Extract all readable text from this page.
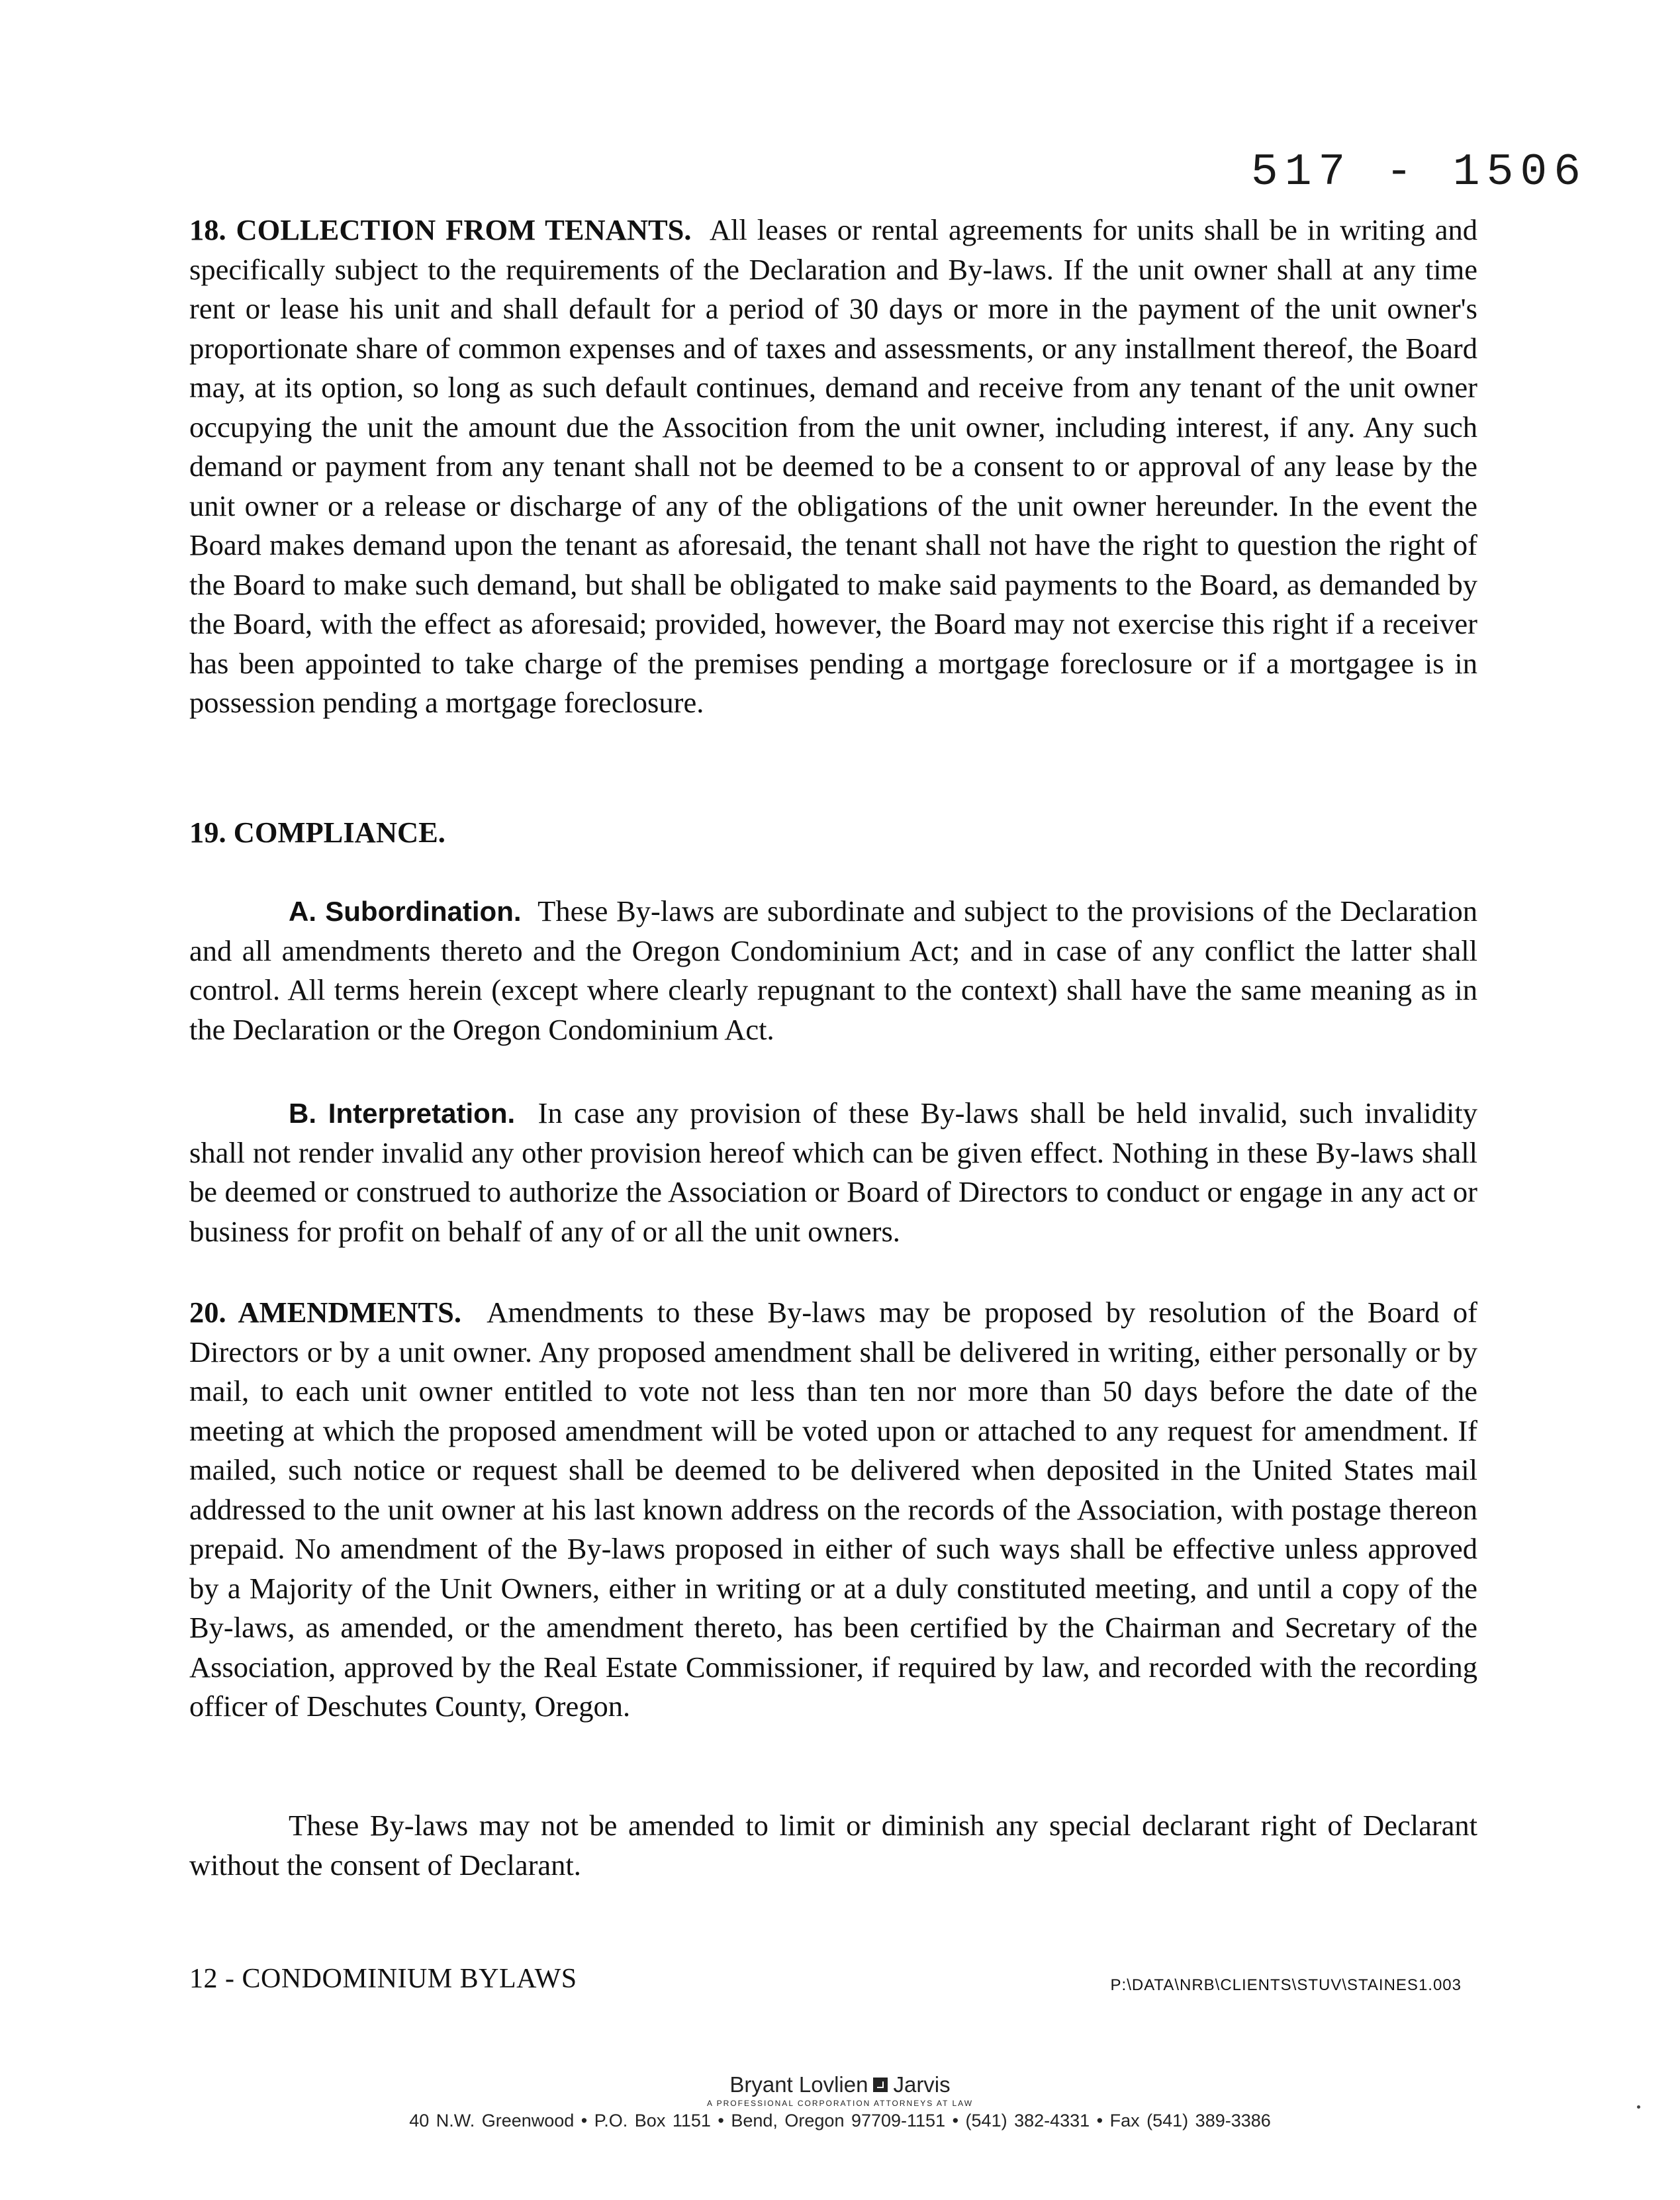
517 - 1506

18. COLLECTION FROM TENANTS. All leases or rental agreements for units shall be in writing and specifically subject to the requirements of the Declaration and By-laws. If the unit owner shall at any time rent or lease his unit and shall default for a period of 30 days or more in the payment of the unit owner's proportionate share of common expenses and of taxes and assessments, or any installment thereof, the Board may, at its option, so long as such default continues, demand and receive from any tenant of the unit owner occupying the unit the amount due the Assocition from the unit owner, including interest, if any. Any such demand or payment from any tenant shall not be deemed to be a consent to or approval of any lease by the unit owner or a release or discharge of any of the obligations of the unit owner hereunder. In the event the Board makes demand upon the tenant as aforesaid, the tenant shall not have the right to question the right of the Board to make such demand, but shall be obligated to make said payments to the Board, as demanded by the Board, with the effect as aforesaid; provided, however, the Board may not exercise this right if a receiver has been appointed to take charge of the premises pending a mortgage foreclosure or if a mortgagee is in possession pending a mortgage foreclosure.

19. COMPLIANCE.

A. Subordination. These By-laws are subordinate and subject to the provisions of the Declaration and all amendments thereto and the Oregon Condominium Act; and in case of any conflict the latter shall control. All terms herein (except where clearly repugnant to the context) shall have the same meaning as in the Declaration or the Oregon Condominium Act.

B. Interpretation. In case any provision of these By-laws shall be held invalid, such invalidity shall not render invalid any other provision hereof which can be given effect. Nothing in these By-laws shall be deemed or construed to authorize the Association or Board of Directors to conduct or engage in any act or business for profit on behalf of any of or all the unit owners.

20. AMENDMENTS. Amendments to these By-laws may be proposed by resolution of the Board of Directors or by a unit owner. Any proposed amendment shall be delivered in writing, either personally or by mail, to each unit owner entitled to vote not less than ten nor more than 50 days before the date of the meeting at which the proposed amendment will be voted upon or attached to any request for amendment. If mailed, such notice or request shall be deemed to be delivered when deposited in the United States mail addressed to the unit owner at his last known address on the records of the Association, with postage thereon prepaid. No amendment of the By-laws proposed in either of such ways shall be effective unless approved by a Majority of the Unit Owners, either in writing or at a duly constituted meeting, and until a copy of the By-laws, as amended, or the amendment thereto, has been certified by the Chairman and Secretary of the Association, approved by the Real Estate Commissioner, if required by law, and recorded with the recording officer of Deschutes County, Oregon.

These By-laws may not be amended to limit or diminish any special declarant right of Declarant without the consent of Declarant.

12 - CONDOMINIUM BYLAWS	P:\DATA\NRB\CLIENTS\STUV\STAINES1.003
Bryant Lovlien Jarvis
A PROFESSIONAL CORPORATION ATTORNEYS AT LAW
40 N.W. Greenwood • P.O. Box 1151 • Bend, Oregon 97709-1151 • (541) 382-4331 • Fax (541) 389-3386
